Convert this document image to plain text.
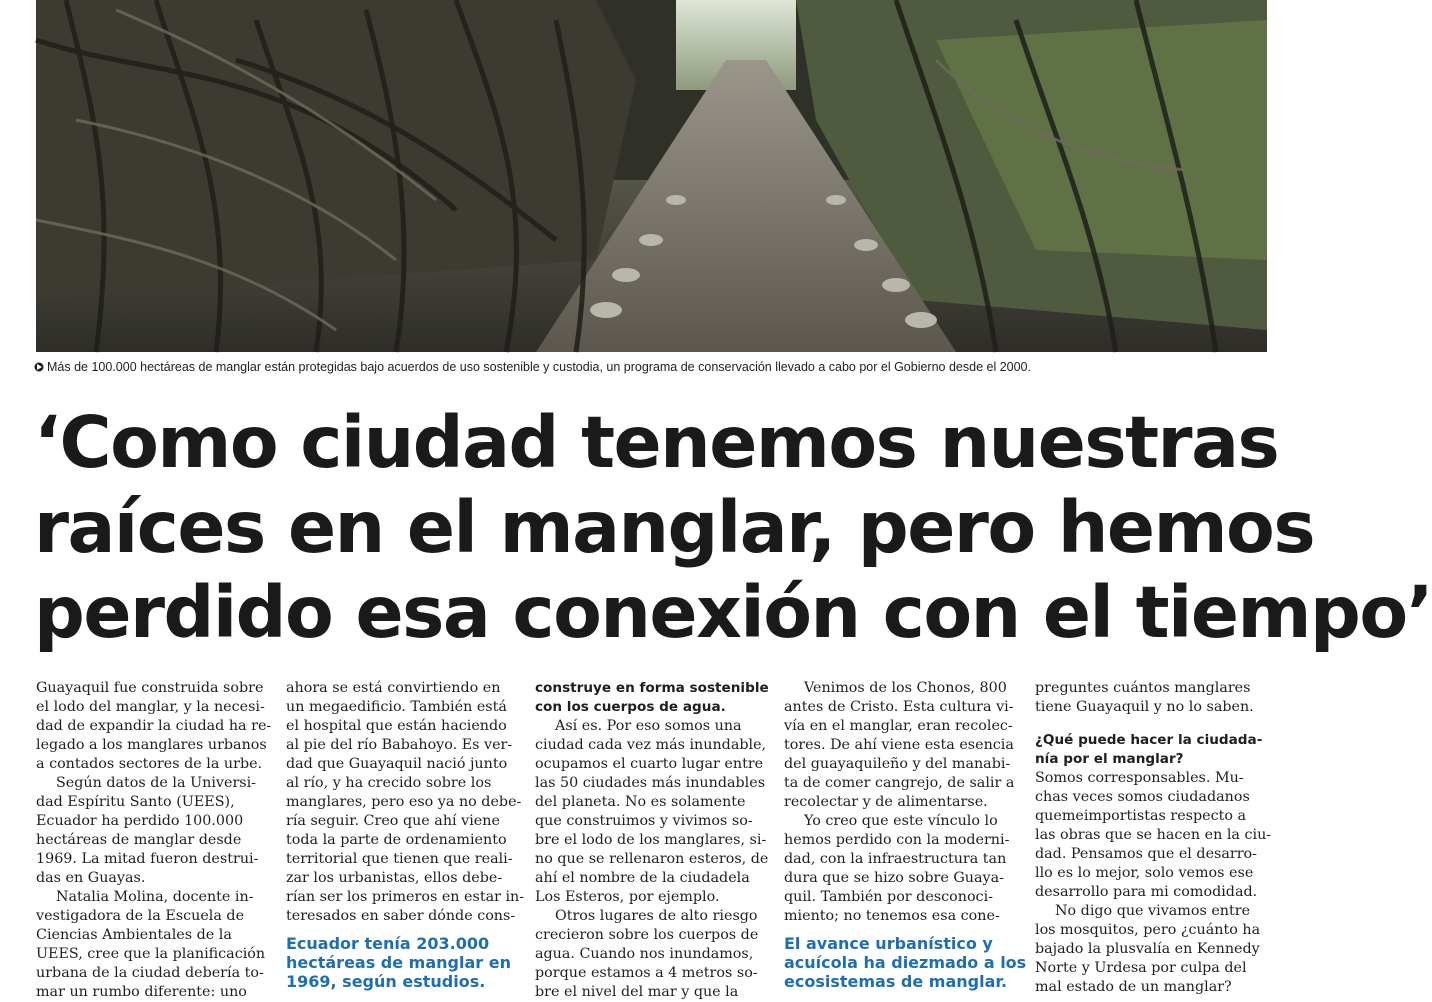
Más de 100.000 hectáreas de manglar están protegidas bajo acuerdos de uso sostenible y custodia, un programa de conservación llevado a cabo por el Gobierno desde el 2000.
‘Como ciudad tenemos nuestras
raíces en el manglar, pero hemos
perdido esa conexión con el tiempo’
Guayaquil fue construida sobre
el lodo del manglar, y la necesi-
dad de expandir la ciudad ha re-
legado a los manglares urbanos
a contados sectores de la urbe.
Según datos de la Universi-
dad Espíritu Santo (UEES),
Ecuador ha perdido 100.000
hectáreas de manglar desde
1969. La mitad fueron destrui-
das en Guayas.
Natalia Molina, docente in-
vestigadora de la Escuela de
Ciencias Ambientales de la
UEES, cree que la planificación
urbana de la ciudad debería to-
mar un rumbo diferente: uno
ahora se está convirtiendo en
un megaedificio. También está
el hospital que están haciendo
al pie del río Babahoyo. Es ver-
dad que Guayaquil nació junto
al río, y ha crecido sobre los
manglares, pero eso ya no debe-
ría seguir. Creo que ahí viene
toda la parte de ordenamiento
territorial que tienen que reali-
zar los urbanistas, ellos debe-
rían ser los primeros en estar in-
teresados en saber dónde cons-
Ecuador tenía 203.000
hectáreas de manglar en
1969, según estudios.
construye en forma sostenible
con los cuerpos de agua.
Así es. Por eso somos una
ciudad cada vez más inundable,
ocupamos el cuarto lugar entre
las 50 ciudades más inundables
del planeta. No es solamente
que construimos y vivimos so-
bre el lodo de los manglares, si-
no que se rellenaron esteros, de
ahí el nombre de la ciudadela
Los Esteros, por ejemplo.
Otros lugares de alto riesgo
crecieron sobre los cuerpos de
agua. Cuando nos inundamos,
porque estamos a 4 metros so-
bre el nivel del mar y que la
Venimos de los Chonos, 800
antes de Cristo. Esta cultura vi-
vía en el manglar, eran recolec-
tores. De ahí viene esta esencia
del guayaquileño y del manabi-
ta de comer cangrejo, de salir a
recolectar y de alimentarse.
Yo creo que este vínculo lo
hemos perdido con la moderni-
dad, con la infraestructura tan
dura que se hizo sobre Guaya-
quil. También por desconoci-
miento; no tenemos esa cone-
El avance urbanístico y
acuícola ha diezmado a los
ecosistemas de manglar.
preguntes cuántos manglares
tiene Guayaquil y no lo saben.
¿Qué puede hacer la ciudada-
nía por el manglar?
Somos corresponsables. Mu-
chas veces somos ciudadanos
quemeimportistas respecto a
las obras que se hacen en la ciu-
dad. Pensamos que el desarro-
llo es lo mejor, solo vemos ese
desarrollo para mi comodidad.
No digo que vivamos entre
los mosquitos, pero ¿cuánto ha
bajado la plusvalía en Kennedy
Norte y Urdesa por culpa del
mal estado de un manglar?
